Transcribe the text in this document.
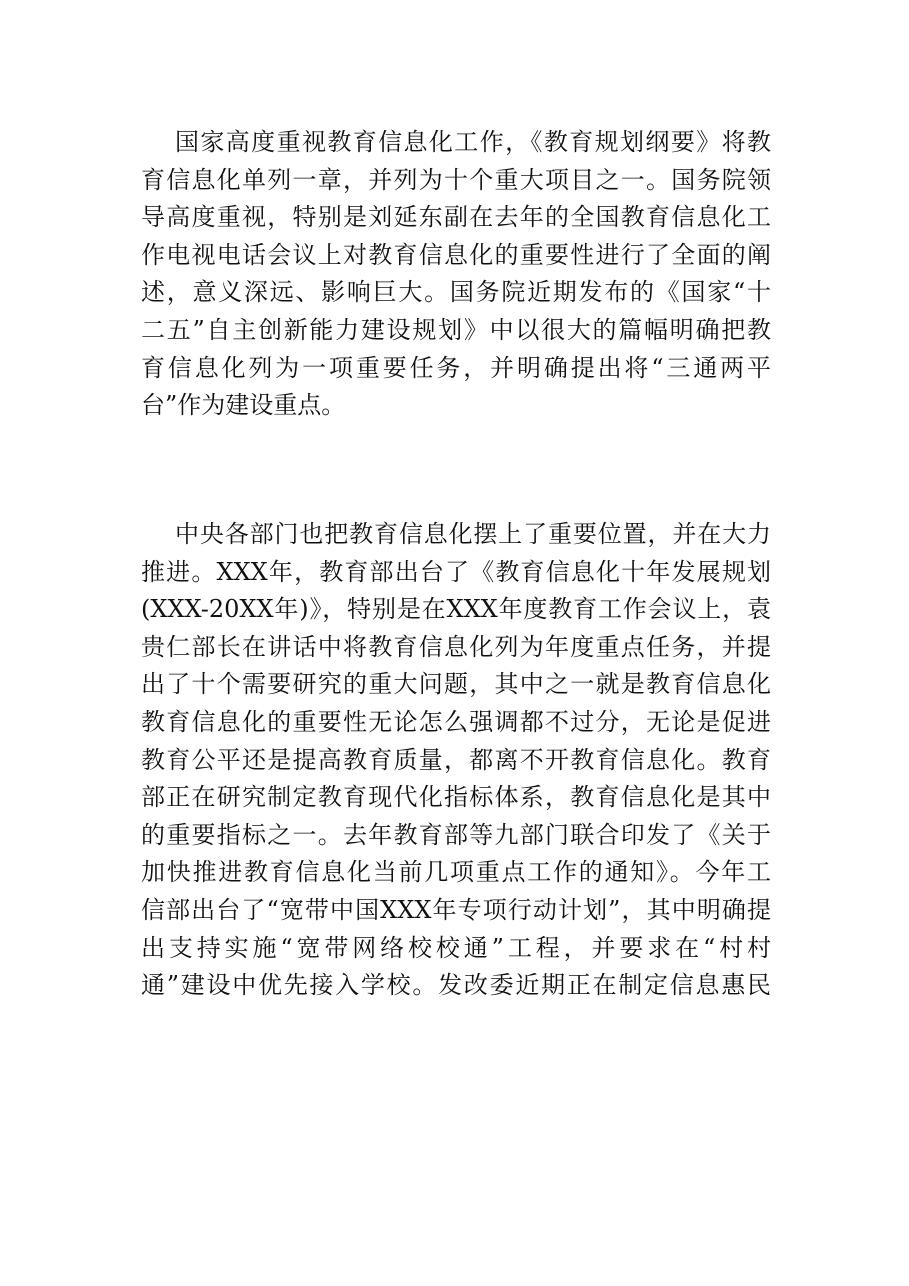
国家高度重视教育信息化工作，《教育规划纲要》将教
育信息化单列一章，并列为十个重大项目之一。国务院领
导高度重视，特别是刘延东副在去年的全国教育信息化工
作电视电话会议上对教育信息化的重要性进行了全面的阐
述，意义深远、影响巨大。国务院近期发布的《国家“十
二五”自主创新能力建设规划》中以很大的篇幅明确把教
育信息化列为一项重要任务，并明确提出将“三通两平
台”作为建设重点。
中央各部门也把教育信息化摆上了重要位置，并在大力
推进。XXX年，教育部出台了《教育信息化十年发展规划
(XXX-20XX年)》，特别是在XXX年度教育工作会议上，袁
贵仁部长在讲话中将教育信息化列为年度重点任务，并提
出了十个需要研究的重大问题，其中之一就是教育信息化
教育信息化的重要性无论怎么强调都不过分，无论是促进
教育公平还是提高教育质量，都离不开教育信息化。教育
部正在研究制定教育现代化指标体系，教育信息化是其中
的重要指标之一。去年教育部等九部门联合印发了《关于
加快推进教育信息化当前几项重点工作的通知》。今年工
信部出台了“宽带中国XXX年专项行动计划”，其中明确提
出支持实施“宽带网络校校通”工程，并要求在“村村
通”建设中优先接入学校。发改委近期正在制定信息惠民
